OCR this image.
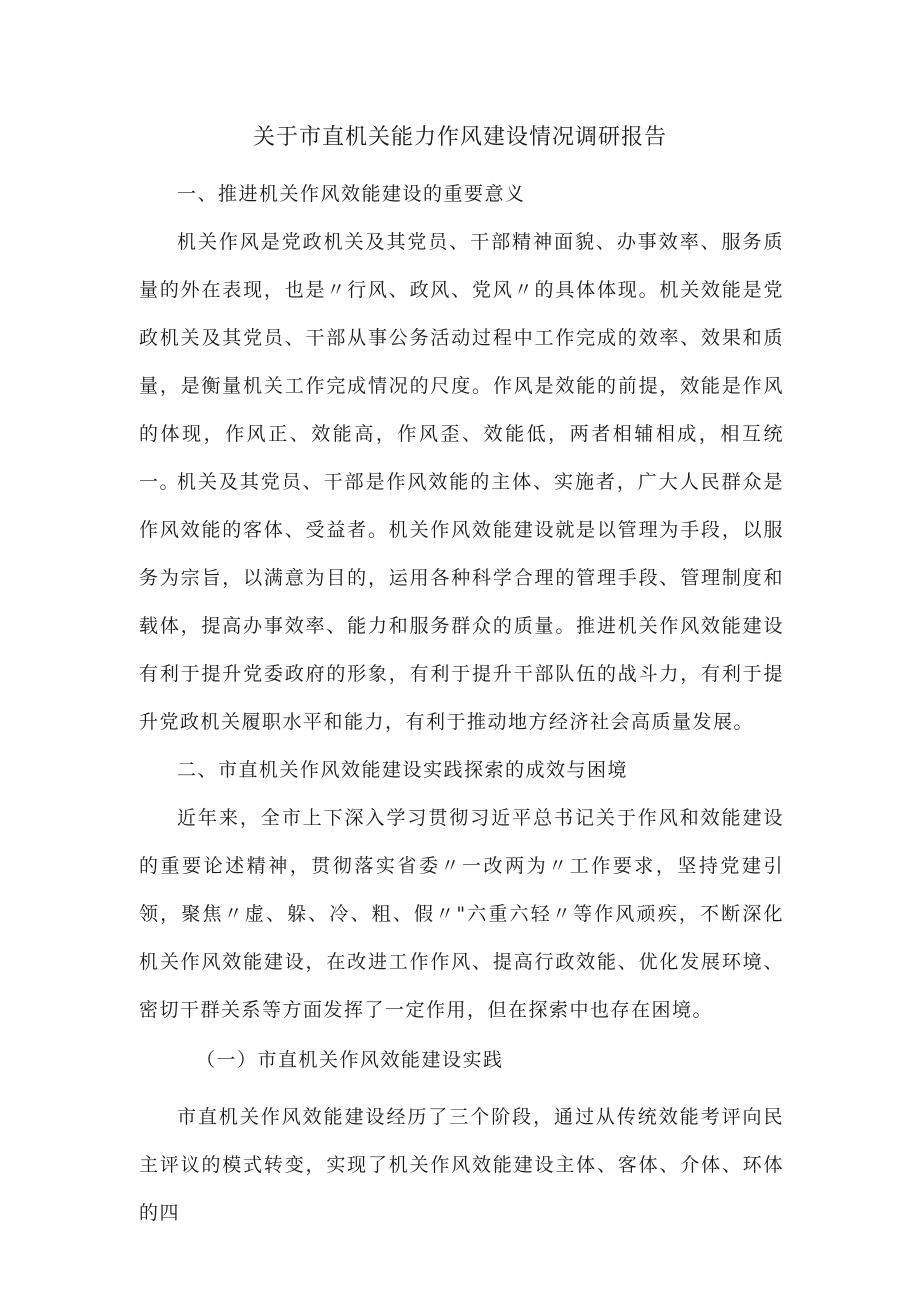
关于市直机关能力作风建设情况调研报告

一、推进机关作风效能建设的重要意义

机关作风是党政机关及其党员、干部精神面貌、办事效率、服务质量的外在表现，也是〃行风、政风、党风〃的具体体现。机关效能是党政机关及其党员、干部从事公务活动过程中工作完成的效率、效果和质量，是衡量机关工作完成情况的尺度。作风是效能的前提，效能是作风的体现，作风正、效能高，作风歪、效能低，两者相辅相成，相互统一。

机关及其党员、干部是作风效能的主体、实施者，广大人民群众是作风效能的客体、受益者。机关作风效能建设就是以管理为手段，以服务为宗旨，以满意为目的，运用各种科学合理的管理手段、管理制度和载体，提高办事效率、能力和服务群众的质量。推进机关作风效能建设有利于提升党委政府的形象，有利于提升干部队伍的战斗力，有利于提升党政机关履职水平和能力，有利于推动地方经济社会高质量发展。

二、市直机关作风效能建设实践探索的成效与困境

近年来，全市上下深入学习贯彻习近平总书记关于作风和效能建设的重要论述精神，贯彻落实省委〃一改两为〃工作要求，坚持党建引领，聚焦〃虚、躲、冷、粗、假〃"六重六轻〃等作风顽疾，不断深化机关作风效能建设，在改进工作作风、提高行政效能、优化发展环境、密切干群关系等方面发挥了一定作用，但在探索中也存在困境。

（一）市直机关作风效能建设实践

市直机关作风效能建设经历了三个阶段，通过从传统效能考评向民主评议的模式转变，实现了机关作风效能建设主体、客体、介体、环体的四
